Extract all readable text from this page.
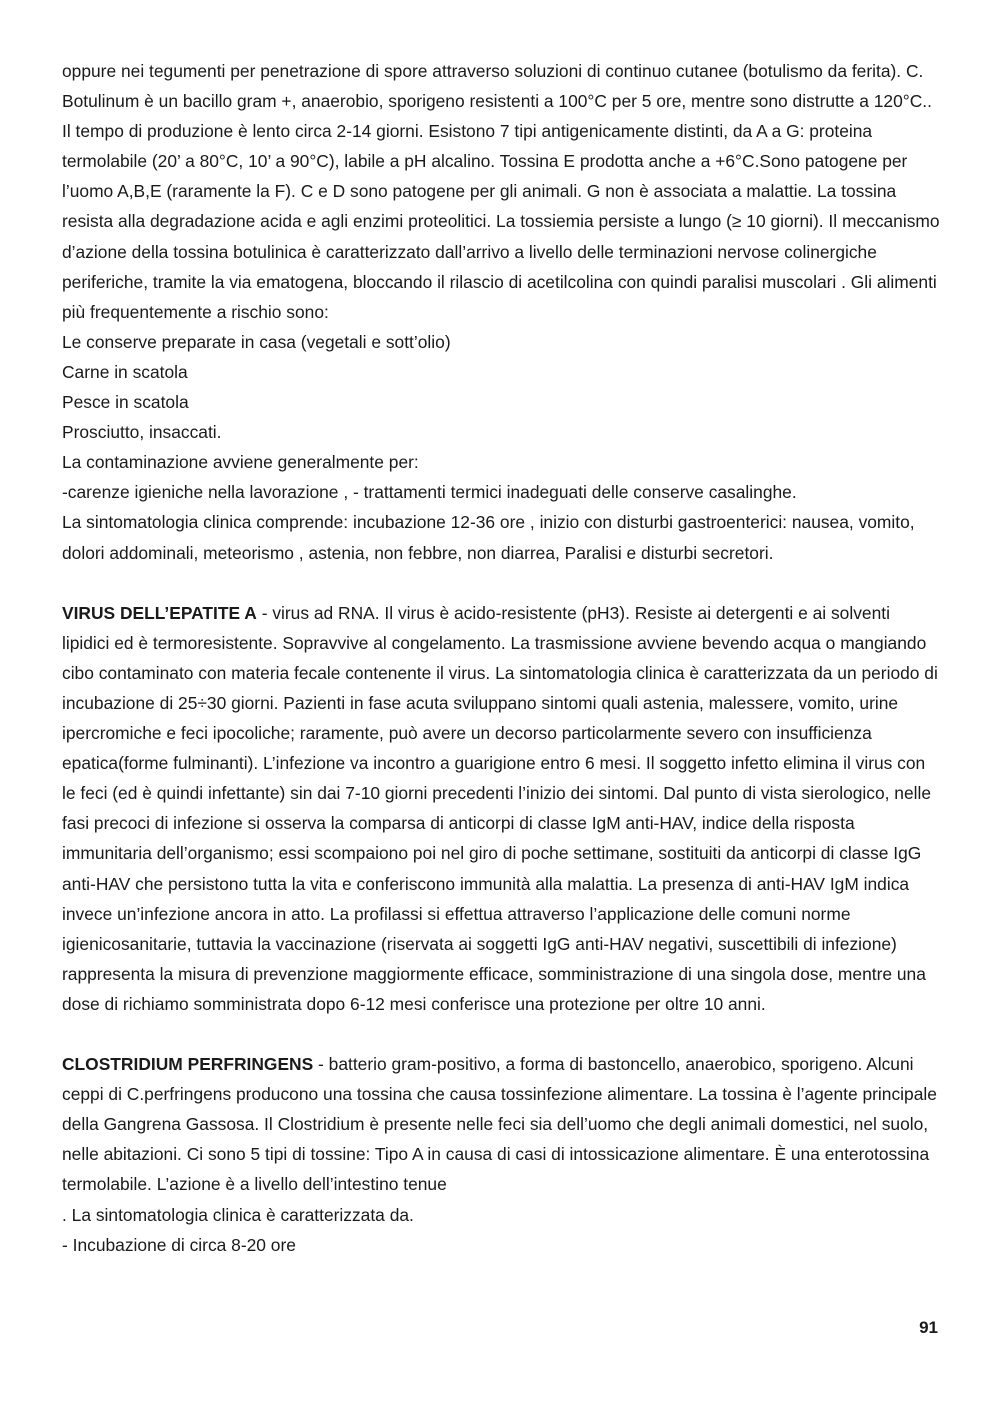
oppure nei tegumenti per penetrazione di spore attraverso soluzioni di continuo cutanee (botulismo da ferita). C. Botulinum è un bacillo gram +, anaerobio, sporigeno resistenti a 100°C per 5 ore, mentre sono distrutte a 120°C.. Il tempo di produzione è lento circa 2-14 giorni. Esistono 7 tipi antigenicamente distinti, da A a G: proteina termolabile (20’ a 80°C, 10’ a 90°C), labile a pH alcalino. Tossina E prodotta anche a +6°C.Sono patogene per l’uomo A,B,E (raramente la F). C e D sono patogene per gli animali. G non è associata a malattie. La tossina resista alla degradazione acida e agli enzimi proteolitici. La tossiemia persiste a lungo (≥ 10 giorni). Il meccanismo d’azione della tossina botulinica è caratterizzato dall’arrivo a livello delle terminazioni nervose colinergiche periferiche, tramite la via ematogena, bloccando il rilascio di acetilcolina con quindi paralisi muscolari . Gli alimenti più frequentemente a rischio sono:

Le conserve preparate in casa (vegetali e sott’olio)

Carne in scatola

Pesce in scatola

Prosciutto, insaccati.

La contaminazione avviene generalmente per:

-carenze igieniche nella lavorazione , - trattamenti termici inadeguati delle conserve casalinghe.

La sintomatologia clinica comprende: incubazione 12-36 ore , inizio con disturbi gastroenterici: nausea, vomito, dolori addominali, meteorismo , astenia, non febbre, non diarrea, Paralisi e disturbi secretori.

VIRUS DELL’EPATITE A - virus ad RNA. Il virus è acido-resistente (pH3). Resiste ai detergenti e ai solventi lipidici ed è termoresistente. Sopravvive al congelamento. La trasmissione avviene bevendo acqua o mangiando cibo contaminato con materia fecale contenente il virus. La sintomatologia clinica è caratterizzata da un periodo di incubazione di 25÷30 giorni. Pazienti in fase acuta sviluppano sintomi quali astenia, malessere, vomito, urine ipercromiche e feci ipocoliche; raramente, può avere un decorso particolarmente severo con insufficienza epatica(forme fulminanti). L’infezione va incontro a guarigione entro 6 mesi. Il soggetto infetto elimina il virus con le feci (ed è quindi infettante) sin dai 7-10 giorni precedenti l’inizio dei sintomi. Dal punto di vista sierologico, nelle fasi precoci di infezione si osserva la comparsa di anticorpi di classe IgM anti-HAV, indice della risposta immunitaria dell’organismo; essi scompaiono poi nel giro di poche settimane, sostituiti da anticorpi di classe IgG anti-HAV che persistono tutta la vita e conferiscono immunità alla malattia. La presenza di anti-HAV IgM indica invece un’infezione ancora in atto. La profilassi si effettua attraverso l’applicazione delle comuni norme igienicosanitarie, tuttavia la vaccinazione (riservata ai soggetti IgG anti-HAV negativi, suscettibili di infezione) rappresenta la misura di prevenzione maggiormente efficace, somministrazione di una singola dose, mentre una dose di richiamo somministrata dopo 6-12 mesi conferisce una protezione per oltre 10 anni.

CLOSTRIDIUM PERFRINGENS - batterio gram-positivo, a forma di bastoncello, anaerobico, sporigeno. Alcuni ceppi di C.perfringens producono una tossina che causa tossinfezione alimentare. La tossina è l’agente principale della Gangrena Gassosa. Il Clostridium è presente nelle feci sia dell’uomo che degli animali domestici, nel suolo, nelle abitazioni. Ci sono 5 tipi di tossine: Tipo A in causa di casi di intossicazione alimentare. È una enterotossina termolabile. L’azione è a livello dell’intestino tenue

. La sintomatologia clinica è caratterizzata da.

- Incubazione di circa 8-20 ore

91
